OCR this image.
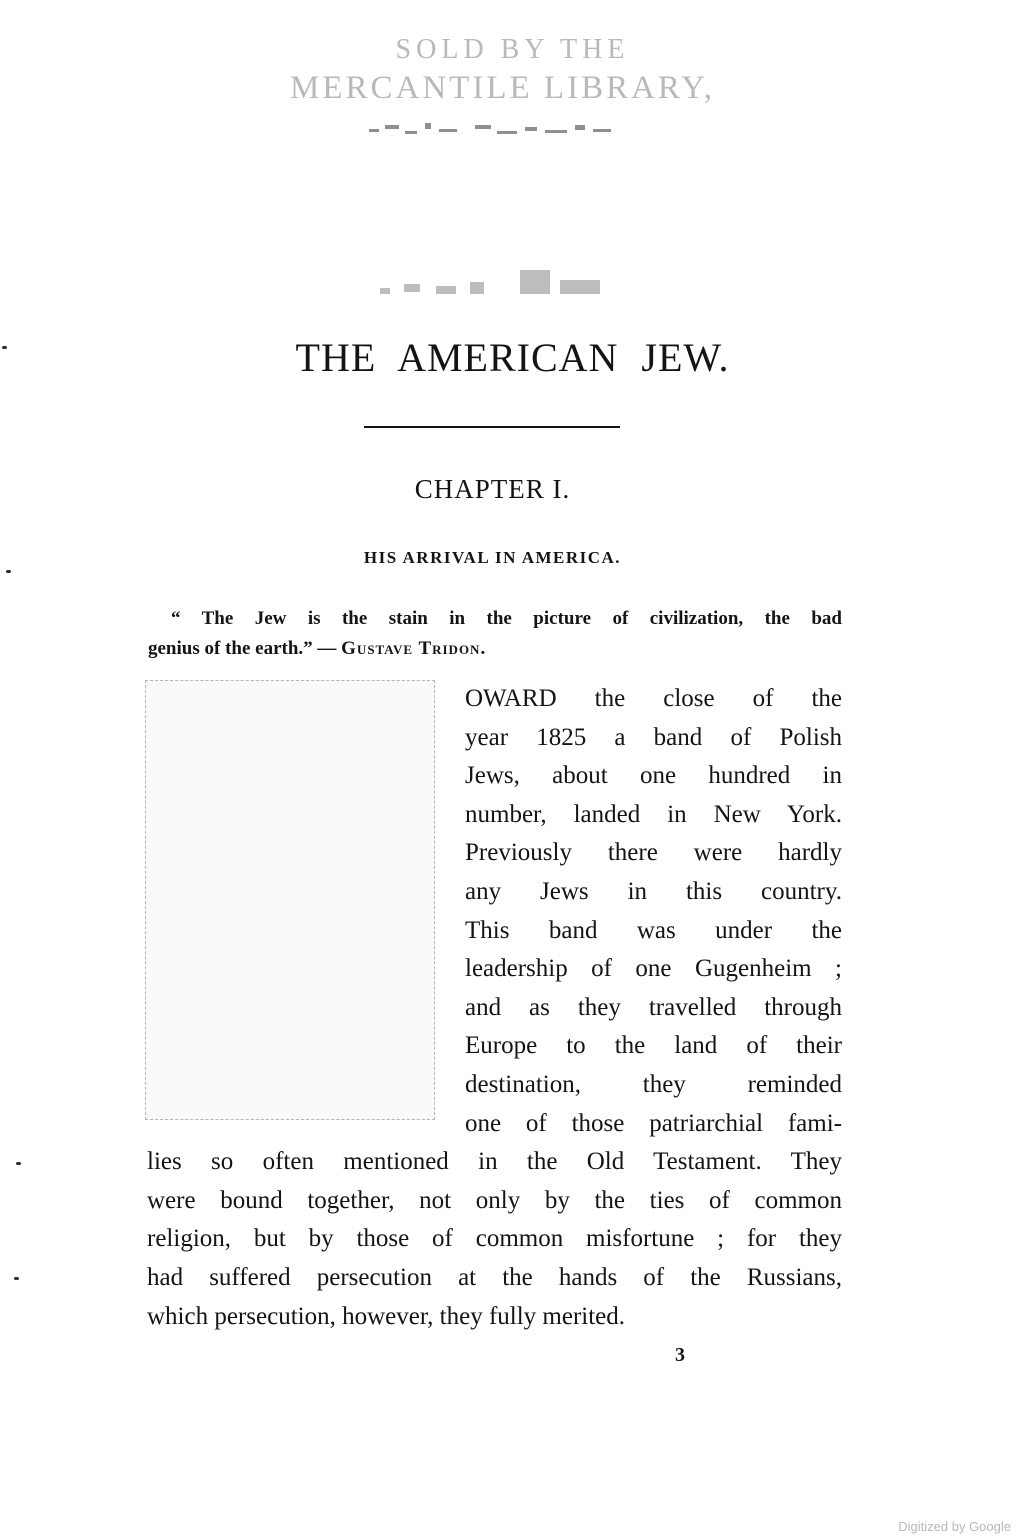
SOLD BY THE
MERCANTILE LIBRARY,
THE AMERICAN JEW.
CHAPTER I.
HIS ARRIVAL IN AMERICA.
“ The Jew is the stain in the picture of civilization, the bad
genius of the earth.” — Gustave Tridon.
OWARD the close of the
year 1825 a band of Polish
Jews, about one hundred in
number, landed in New York.
Previously there were hardly
any Jews in this country.
This band was under the
leadership of one Gugenheim ;
and as they travelled through
Europe to the land of their
destination, they reminded
one of those patriarchial fami-
lies so often mentioned in the Old Testament. They
were bound together, not only by the ties of common
religion, but by those of common misfortune ; for they
had suffered persecution at the hands of the Russians,
which persecution, however, they fully merited.
3
Digitized by Google
